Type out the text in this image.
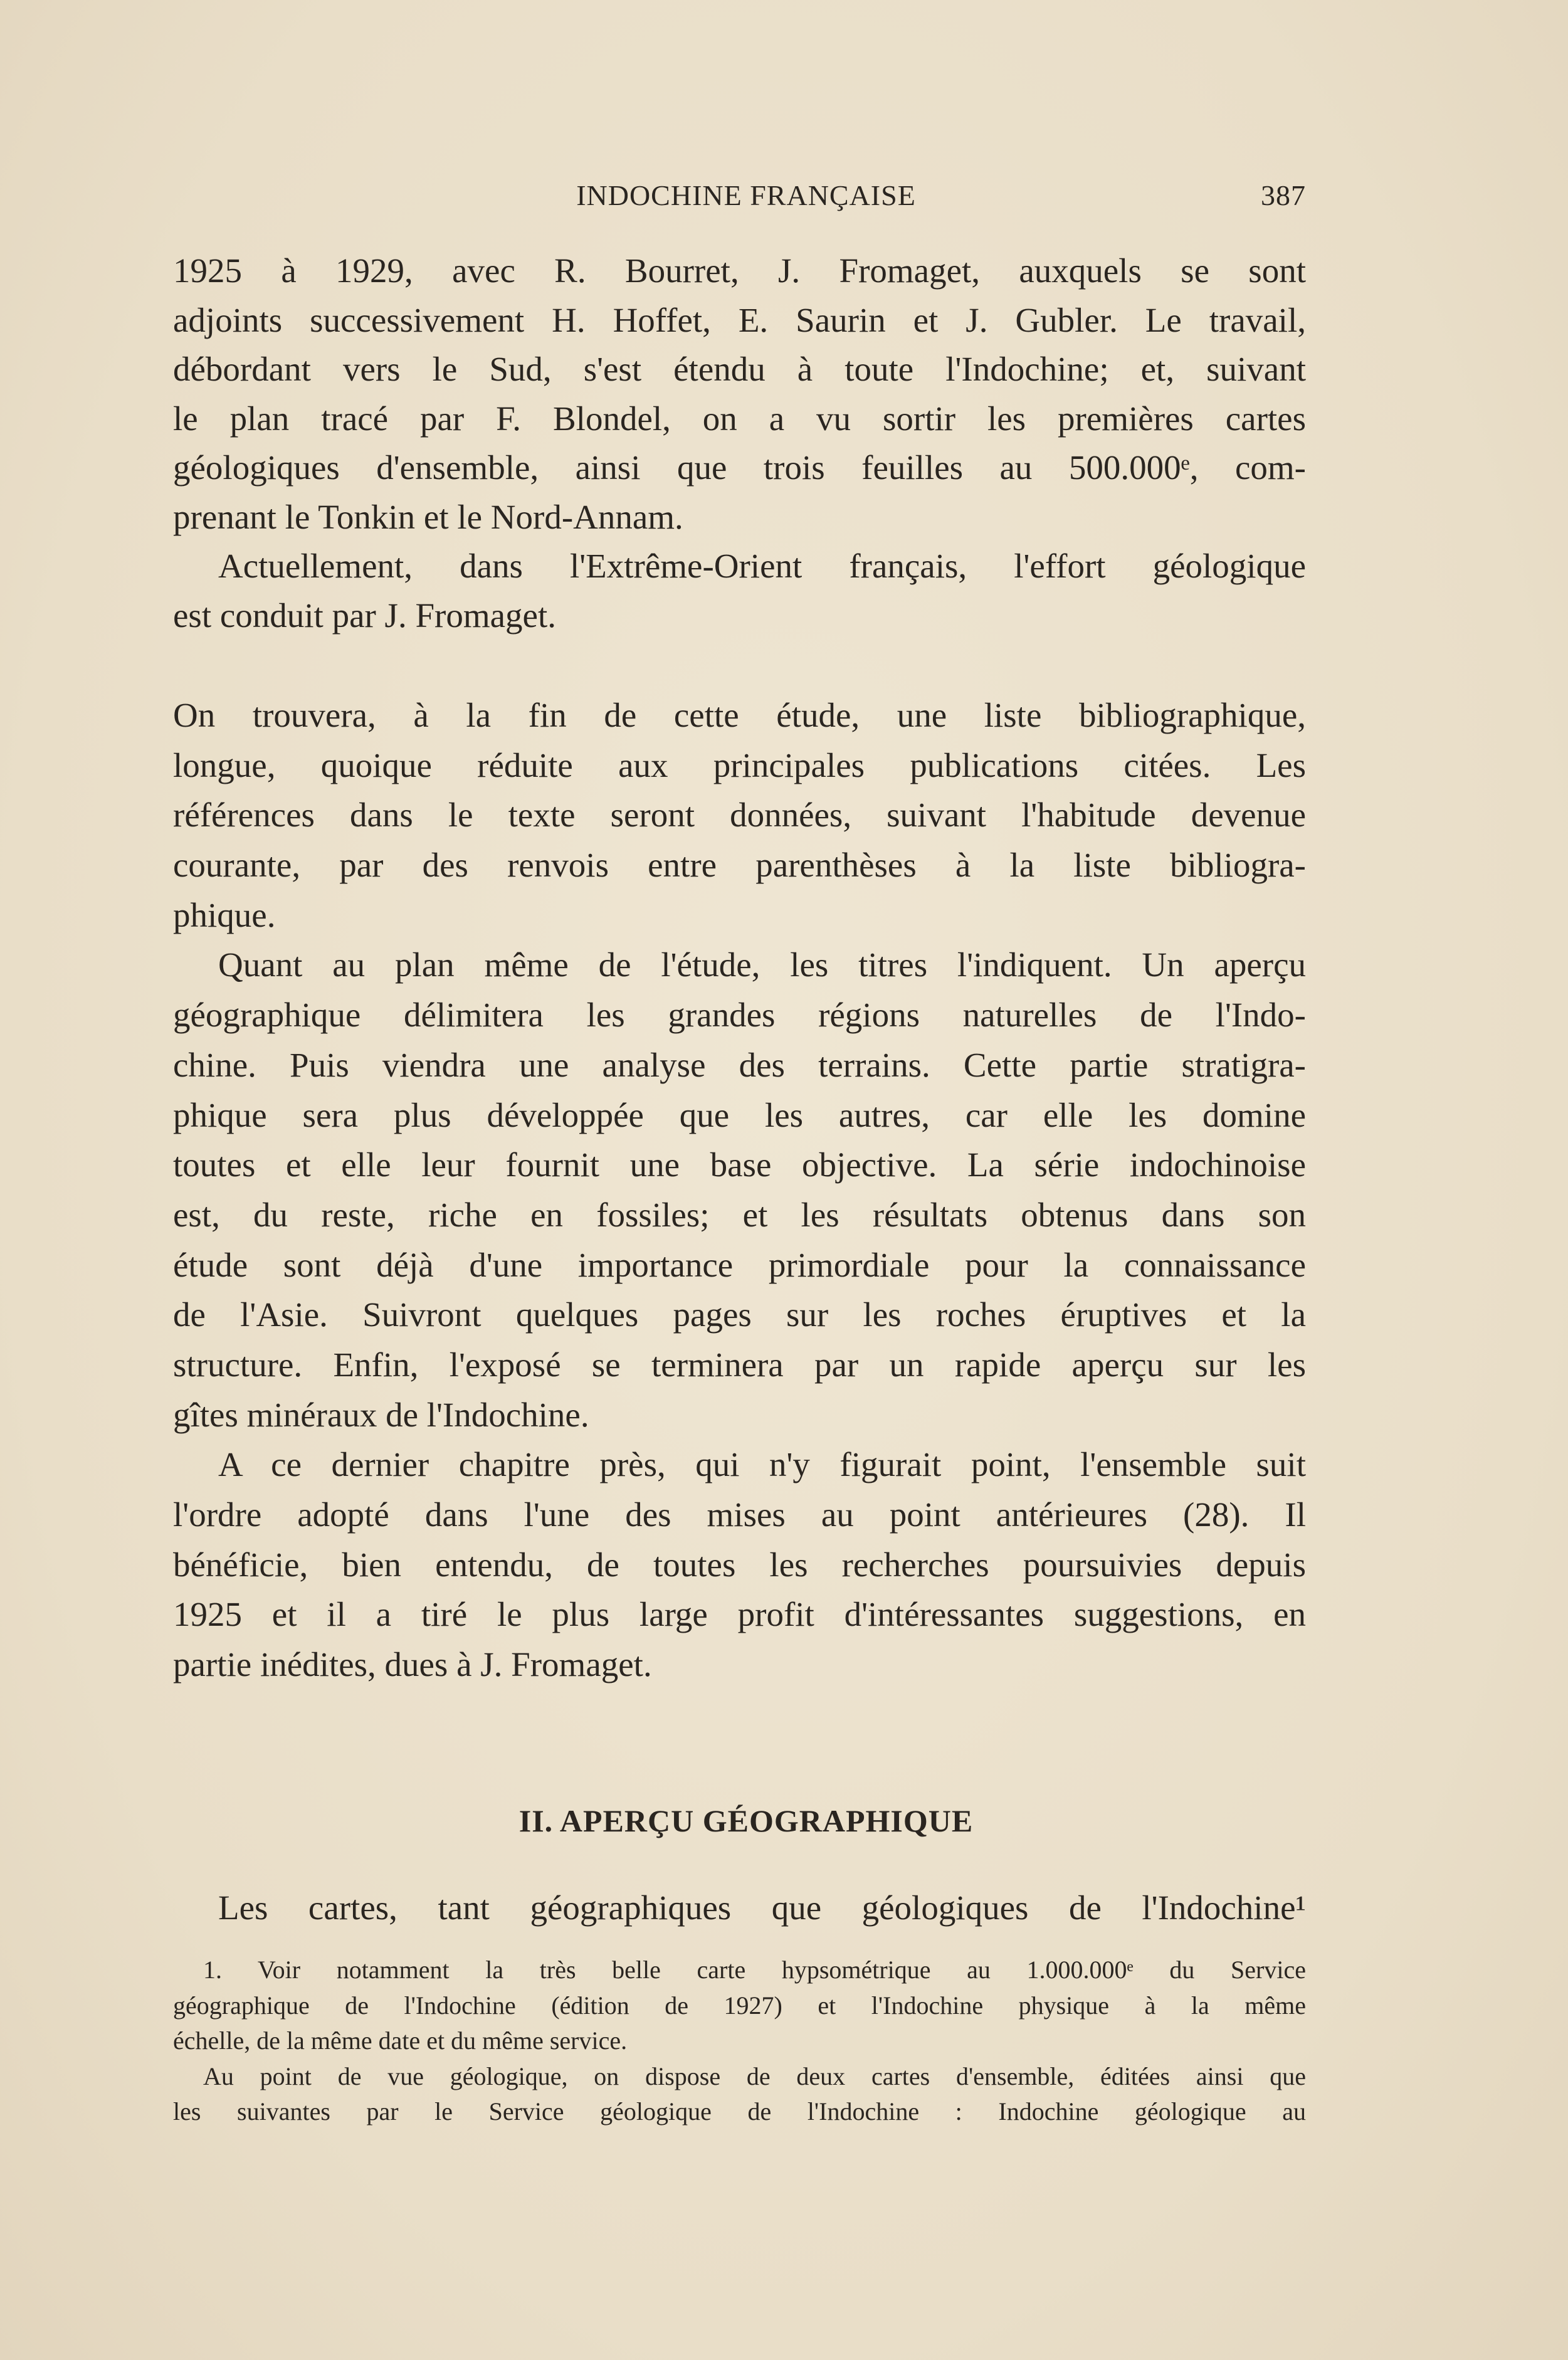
INDOCHINE FRANÇAISE	387
1925 à 1929, avec R. Bourret, J. Fromaget, auxquels se sont
adjoints successivement H. Hoffet, E. Saurin et J. Gubler. Le travail,
débordant vers le Sud, s'est étendu à toute l'Indochine; et, suivant
le plan tracé par F. Blondel, on a vu sortir les premières cartes
géologiques d'ensemble, ainsi que trois feuilles au 500.000ᵉ, com-
prenant le Tonkin et le Nord-Annam.
Actuellement, dans l'Extrême-Orient français, l'effort géologique
est conduit par J. Fromaget.
On trouvera, à la fin de cette étude, une liste bibliographique,
longue, quoique réduite aux principales publications citées. Les
références dans le texte seront données, suivant l'habitude devenue
courante, par des renvois entre parenthèses à la liste bibliogra-
phique.
Quant au plan même de l'étude, les titres l'indiquent. Un aperçu
géographique délimitera les grandes régions naturelles de l'Indo-
chine. Puis viendra une analyse des terrains. Cette partie stratigra-
phique sera plus développée que les autres, car elle les domine
toutes et elle leur fournit une base objective. La série indochinoise
est, du reste, riche en fossiles; et les résultats obtenus dans son
étude sont déjà d'une importance primordiale pour la connaissance
de l'Asie. Suivront quelques pages sur les roches éruptives et la
structure. Enfin, l'exposé se terminera par un rapide aperçu sur les
gîtes minéraux de l'Indochine.
A ce dernier chapitre près, qui n'y figurait point, l'ensemble suit
l'ordre adopté dans l'une des mises au point antérieures (28). Il
bénéficie, bien entendu, de toutes les recherches poursuivies depuis
1925 et il a tiré le plus large profit d'intéressantes suggestions, en
partie inédites, dues à J. Fromaget.
II. APERÇU GÉOGRAPHIQUE
Les cartes, tant géographiques que géologiques de l'Indochine¹
1. Voir notamment la très belle carte hypsométrique au 1.000.000ᵉ du Service
géographique de l'Indochine (édition de 1927) et l'Indochine physique à la même
échelle, de la même date et du même service.
Au point de vue géologique, on dispose de deux cartes d'ensemble, éditées ainsi que
les suivantes par le Service géologique de l'Indochine : Indochine géologique au
